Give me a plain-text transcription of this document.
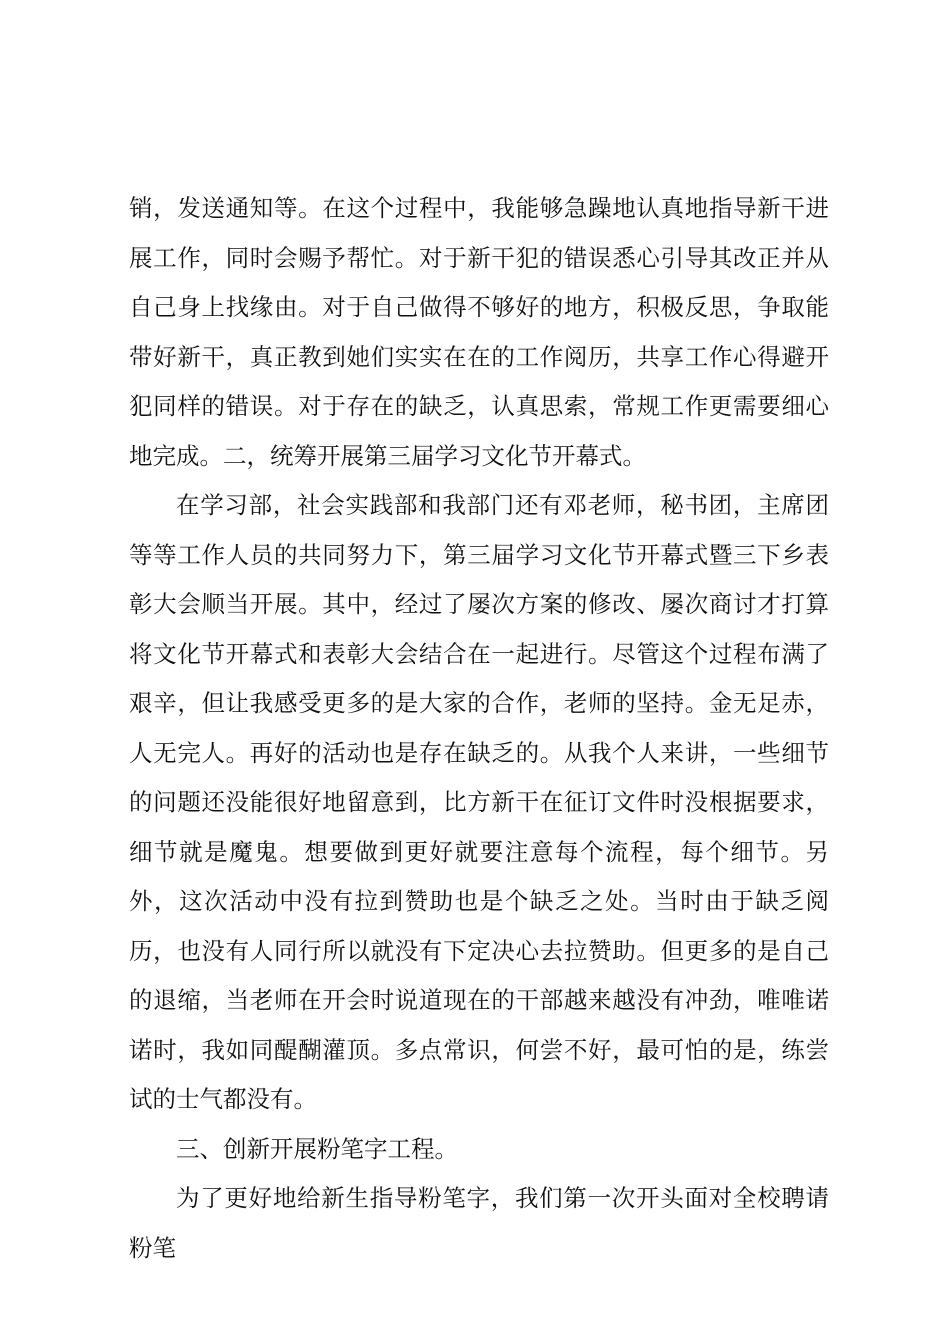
销，发送通知等。在这个过程中，我能够急躁地认真地指导新干进展工作，同时会赐予帮忙。对于新干犯的错误悉心引导其改正并从自己身上找缘由。对于自己做得不够好的地方，积极反思，争取能带好新干，真正教到她们实实在在的工作阅历，共享工作心得避开犯同样的错误。对于存在的缺乏，认真思索，常规工作更需要细心地完成。二，统筹开展第三届学习文化节开幕式。

在学习部，社会实践部和我部门还有邓老师，秘书团，主席团等等工作人员的共同努力下，第三届学习文化节开幕式暨三下乡表彰大会顺当开展。其中，经过了屡次方案的修改、屡次商讨才打算将文化节开幕式和表彰大会结合在一起进行。尽管这个过程布满了艰辛，但让我感受更多的是大家的合作，老师的坚持。金无足赤，人无完人。再好的活动也是存在缺乏的。从我个人来讲，一些细节的问题还没能很好地留意到，比方新干在征订文件时没根据要求，细节就是魔鬼。想要做到更好就要注意每个流程，每个细节。另外，这次活动中没有拉到赞助也是个缺乏之处。当时由于缺乏阅历，也没有人同行所以就没有下定决心去拉赞助。但更多的是自己的退缩，当老师在开会时说道现在的干部越来越没有冲劲，唯唯诺诺时，我如同醍醐灌顶。多点常识，何尝不好，最可怕的是，练尝试的士气都没有。

三、创新开展粉笔字工程。

为了更好地给新生指导粉笔字，我们第一次开头面对全校聘请粉笔
